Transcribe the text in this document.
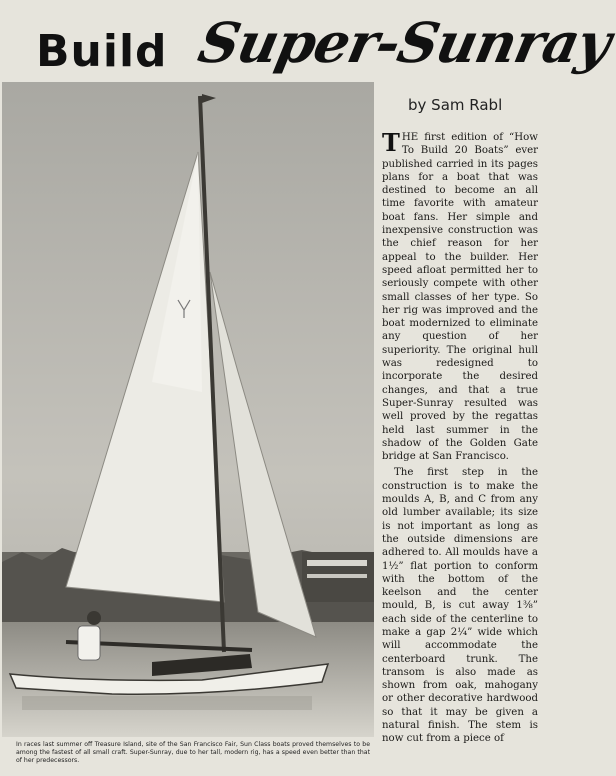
Build Super-Sunray
by Sam Rabl
In races last summer off Treasure Island, site of the San Francisco Fair, Sun Class boats proved themselves to be among the fastest of all small craft. Super-Sunray, due to her tall, modern rig, has a speed even better than that of her predecessors.

T HE first edition of “How To Build 20 Boats” ever published carried in its pages plans for a boat that was destined to become an all time favorite with amateur boat fans. Her simple and inexpensive construction was the chief reason for her appeal to the builder. Her speed afloat permitted her to seriously compete with other small classes of her type. So her rig was improved and the boat modernized to eliminate any question of her superiority. The original hull was redesigned to incorporate the desired changes, and that a true Super-Sunray resulted was well proved by the regattas held last summer in the shadow of the Golden Gate bridge at San Francisco.

The first step in the construction is to make the moulds A, B, and C from any old lumber available; its size is not important as long as the outside dimensions are adhered to. All moulds have a 1½” flat portion to conform with the bottom of the keelson and the center mould, B, is cut away 1⅜” each side of the centerline to make a gap 2¼” wide which will accommodate the centerboard trunk. The transom is also made as shown from oak, mahogany or other decorative hardwood so that it may be given a natural finish. The stem is now cut from a piece of
